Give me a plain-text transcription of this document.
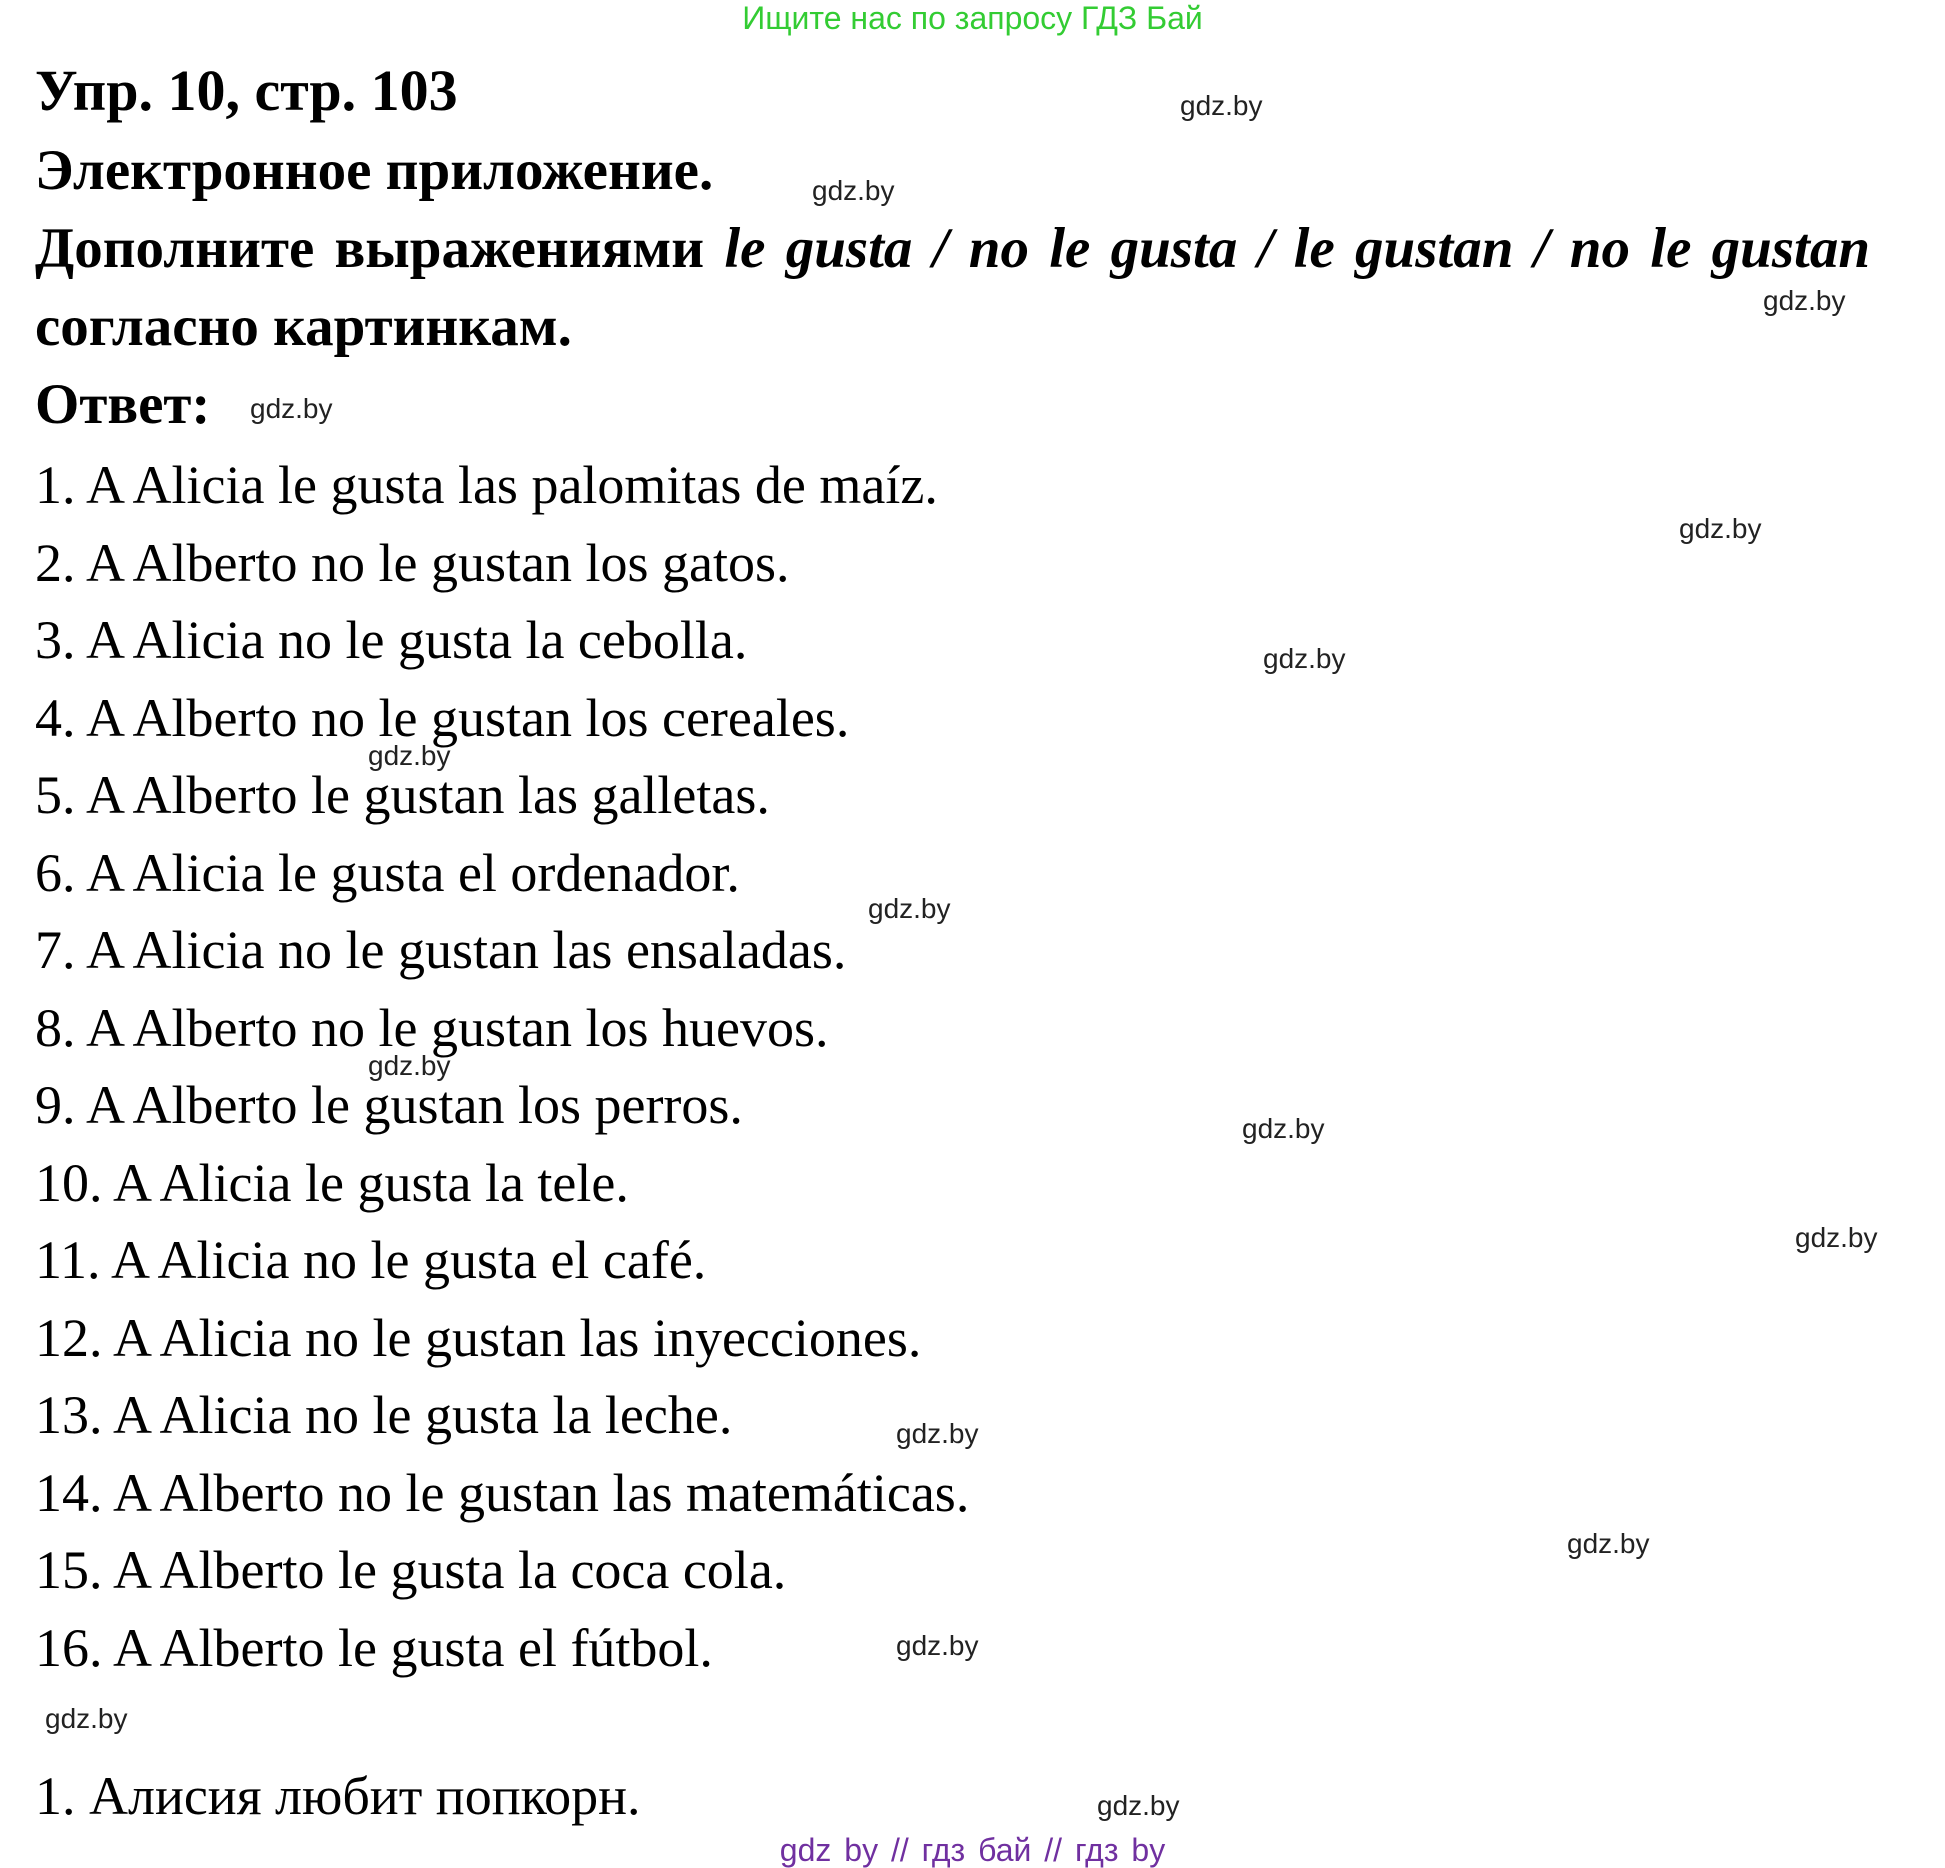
Ищите нас по запросу ГДЗ Бай
Упр. 10, стр. 103
Электронное приложение.
Дополните выражениями le gusta / no le gusta / le gustan / no le gustan
согласно картинкам.
Ответ:
1. A Alicia le gusta las palomitas de maíz.
2. A Alberto no le gustan los gatos.
3. A Alicia no le gusta la cebolla.
4. A Alberto no le gustan los cereales.
5. A Alberto le gustan las galletas.
6. A Alicia le gusta el ordenador.
7. A Alicia no le gustan las ensaladas.
8. A Alberto no le gustan los huevos.
9. A Alberto le gustan los perros.
10. A Alicia le gusta la tele.
11. A Alicia no le gusta el café.
12. A Alicia no le gustan las inyecciones.
13. A Alicia no le gusta la leche.
14. A Alberto no le gustan las matemáticas.
15. A Alberto le gusta la coca cola.
16. A Alberto le gusta el fútbol.
1. Алисия любит попкорн.
gdz.by
gdz.by
gdz.by
gdz.by
gdz.by
gdz.by
gdz.by
gdz.by
gdz.by
gdz.by
gdz.by
gdz.by
gdz.by
gdz.by
gdz.by
gdz.by
gdz by // гдз бай // гдз by
